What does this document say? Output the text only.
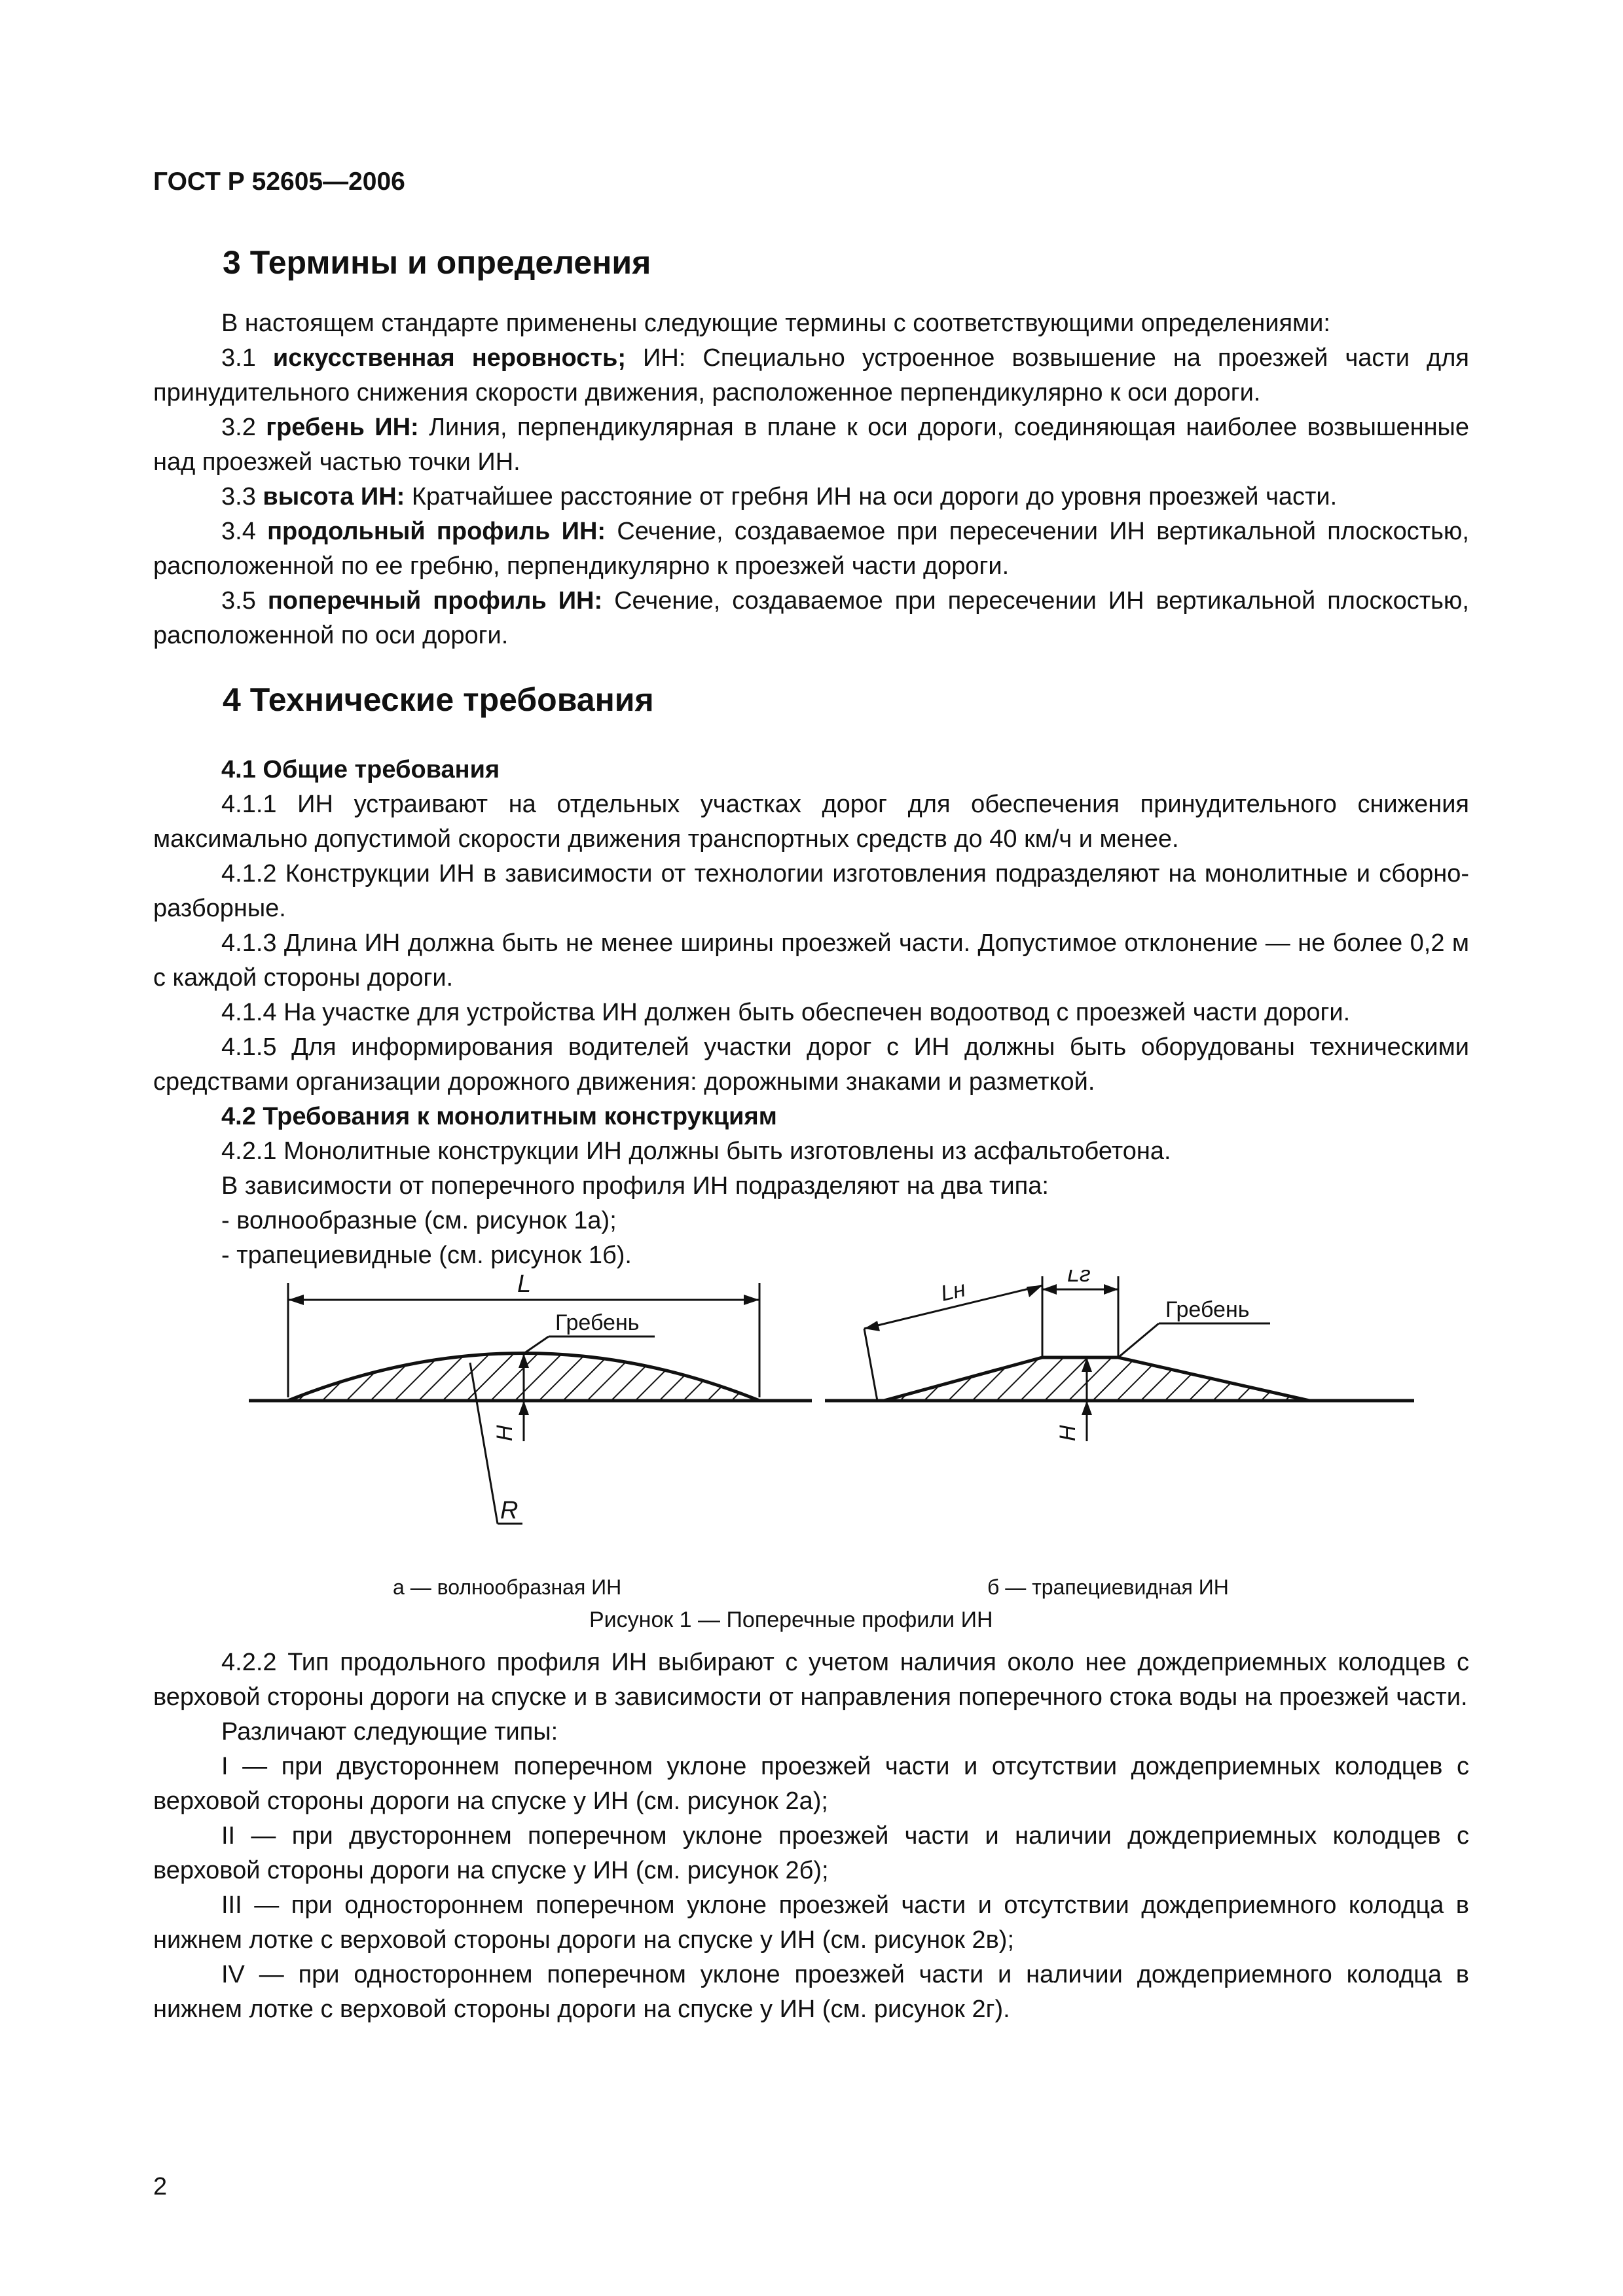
ГОСТ Р 52605—2006
3 Термины и определения

В настоящем стандарте применены следующие термины с соответствующими определениями:

3.1 искусственная неровность; ИН: Специально устроенное возвышение на проезжей части для принудительного снижения скорости движения, расположенное перпендикулярно к оси дороги.

3.2 гребень ИН: Линия, перпендикулярная в плане к оси дороги, соединяющая наиболее возвышенные над проезжей частью точки ИН.

3.3 высота ИН: Кратчайшее расстояние от гребня ИН на оси дороги до уровня проезжей части.

3.4 продольный профиль ИН: Сечение, создаваемое при пересечении ИН вертикальной плоскостью, расположенной по ее гребню, перпендикулярно к проезжей части дороги.

3.5 поперечный профиль ИН: Сечение, создаваемое при пересечении ИН вертикальной плоскостью, расположенной по оси дороги.

4 Технические требования

4.1 Общие требования

4.1.1 ИН устраивают на отдельных участках дорог для обеспечения принудительного снижения максимально допустимой скорости движения транспортных средств до 40 км/ч и менее.

4.1.2 Конструкции ИН в зависимости от технологии изготовления подразделяют на монолитные и сборно-разборные.

4.1.3 Длина ИН должна быть не менее ширины проезжей части. Допустимое отклонение — не более 0,2 м с каждой стороны дороги.

4.1.4 На участке для устройства ИН должен быть обеспечен водоотвод с проезжей части дороги.

4.1.5 Для информирования водителей участки дорог с ИН должны быть оборудованы техническими средствами организации дорожного движения: дорожными знаками и разметкой.

4.2 Требования к монолитным конструкциям

4.2.1 Монолитные конструкции ИН должны быть изготовлены из асфальтобетона.

В зависимости от поперечного профиля ИН подразделяют на два типа:

- волнообразные (см. рисунок 1а);

- трапециевидные (см. рисунок 1б).

L
Гребень
H
R
а — волнообразная ИН
Lн
Lг
Гребень
H
б — трапециевидная ИН
Рисунок 1 — Поперечные профили ИН

4.2.2 Тип продольного профиля ИН выбирают с учетом наличия около нее дождеприемных колодцев с верховой стороны дороги на спуске и в зависимости от направления поперечного стока воды на проезжей части.

Различают следующие типы:

I — при двустороннем поперечном уклоне проезжей части и отсутствии дождеприемных колодцев с верховой стороны дороги на спуске у ИН (см. рисунок 2а);

II — при двустороннем поперечном уклоне проезжей части и наличии дождеприемных колодцев с верховой стороны дороги на спуске у ИН (см. рисунок 2б);

III — при одностороннем поперечном уклоне проезжей части и отсутствии дождеприемного колодца в нижнем лотке с верховой стороны дороги на спуске у ИН (см. рисунок 2в);

IV — при одностороннем поперечном уклоне проезжей части и наличии дождеприемного колодца в нижнем лотке с верховой стороны дороги на спуске у ИН (см. рисунок 2г).

2
